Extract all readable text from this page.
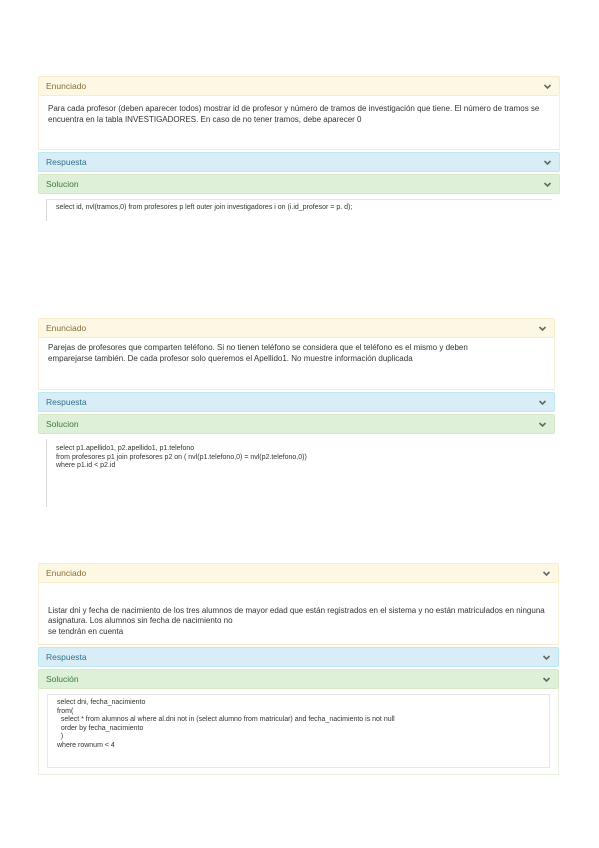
Enunciado

Para cada profesor (deben aparecer todos) mostrar id de profesor y número de tramos de investigación que tiene. El número de tramos se encuentra en la tabla INVESTIGADORES. En caso de no tener tramos, debe aparecer 0

Respuesta
Solucion
select id, nvl(tramos,0) from profesores p left outer join investigadores i on (i.id_profesor = p. d);
Enunciado

Parejas de profesores que comparten teléfono. Si no tienen teléfono se considera que el teléfono es el mismo y deben emparejarse también. De cada profesor solo queremos el Apellido1. No muestre información duplicada

Respuesta
Solucion
select p1.apellido1, p2.apellido1, p1.telefono
from profesores p1 join profesores p2 on ( nvl(p1.telefono,0) = nvl(p2.telefono,0))
where p1.id < p2.id
Enunciado

Listar dni y fecha de nacimiento de los tres alumnos de mayor edad que están registrados en el sistema y no están matriculados en ninguna asignatura. Los alumnos sin fecha de nacimiento no
se tendrán en cuenta

Respuesta
Solución
select dni, fecha_nacimiento
from(
select * from alumnos al where al.dni not in (select alumno from matricular) and fecha_nacimiento is not null
order by fecha_nacimiento
)
where rownum < 4
